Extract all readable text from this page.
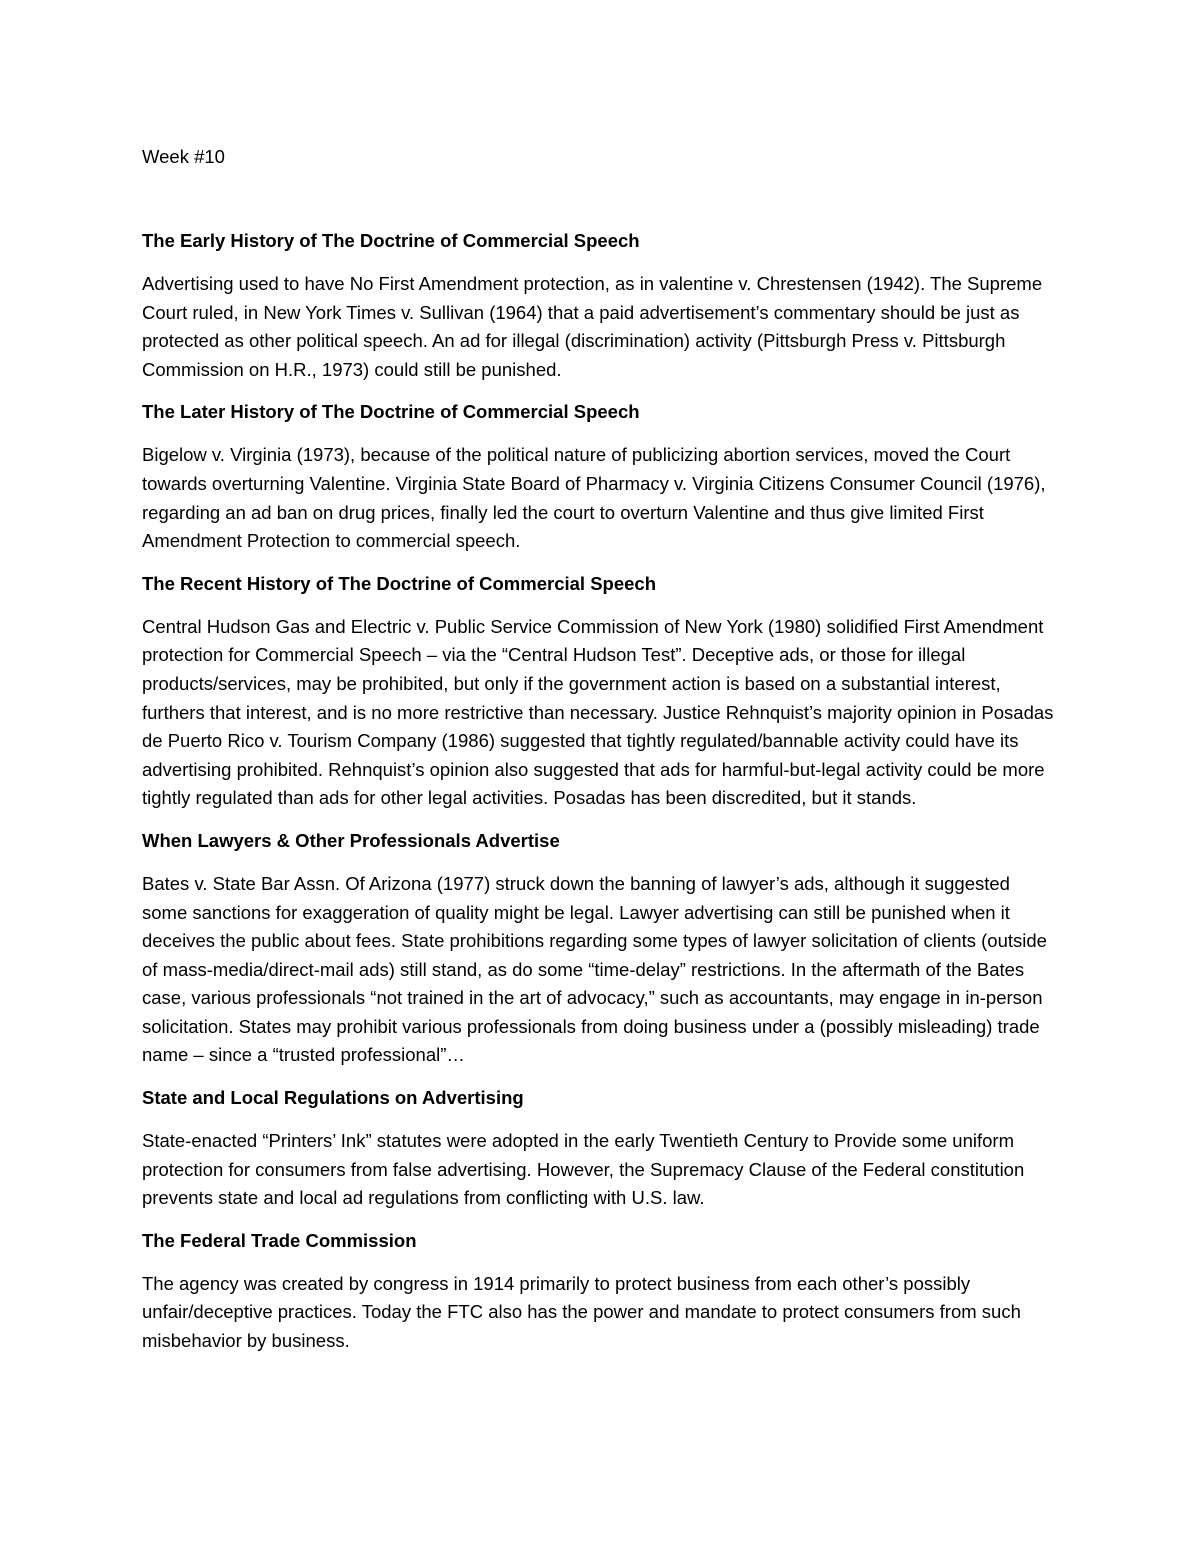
Week #10

The Early History of The Doctrine of Commercial Speech

Advertising used to have No First Amendment protection, as in valentine v. Chrestensen (1942). The Supreme Court ruled, in New York Times v. Sullivan (1964) that a paid advertisement’s commentary should be just as protected as other political speech. An ad for illegal (discrimination) activity (Pittsburgh Press v. Pittsburgh Commission on H.R., 1973) could still be punished.

The Later History of The Doctrine of Commercial Speech

Bigelow v. Virginia (1973), because of the political nature of publicizing abortion services, moved the Court towards overturning Valentine. Virginia State Board of Pharmacy v. Virginia Citizens Consumer Council (1976), regarding an ad ban on drug prices, finally led the court to overturn Valentine and thus give limited First Amendment Protection to commercial speech.

The Recent History of The Doctrine of Commercial Speech

Central Hudson Gas and Electric v. Public Service Commission of New York (1980) solidified First Amendment protection for Commercial Speech – via the “Central Hudson Test”. Deceptive ads, or those for illegal products/services, may be prohibited, but only if the government action is based on a substantial interest, furthers that interest, and is no more restrictive than necessary. Justice Rehnquist’s majority opinion in Posadas de Puerto Rico v. Tourism Company (1986) suggested that tightly regulated/bannable activity could have its advertising prohibited. Rehnquist’s opinion also suggested that ads for harmful-but-legal activity could be more tightly regulated than ads for other legal activities. Posadas has been discredited, but it stands.

When Lawyers & Other Professionals Advertise

Bates v. State Bar Assn. Of Arizona (1977) struck down the banning of lawyer’s ads, although it suggested some sanctions for exaggeration of quality might be legal. Lawyer advertising can still be punished when it deceives the public about fees. State prohibitions regarding some types of lawyer solicitation of clients (outside of mass-media/direct-mail ads) still stand, as do some “time-delay” restrictions. In the aftermath of the Bates case, various professionals “not trained in the art of advocacy,” such as accountants, may engage in in-person solicitation. States may prohibit various professionals from doing business under a (possibly misleading) trade name – since a “trusted professional”…

State and Local Regulations on Advertising

State-enacted “Printers’ Ink” statutes were adopted in the early Twentieth Century to Provide some uniform protection for consumers from false advertising. However, the Supremacy Clause of the Federal constitution prevents state and local ad regulations from conflicting with U.S. law.

The Federal Trade Commission

The agency was created by congress in 1914 primarily to protect business from each other’s possibly unfair/deceptive practices. Today the FTC also has the power and mandate to protect consumers from such misbehavior by business.
